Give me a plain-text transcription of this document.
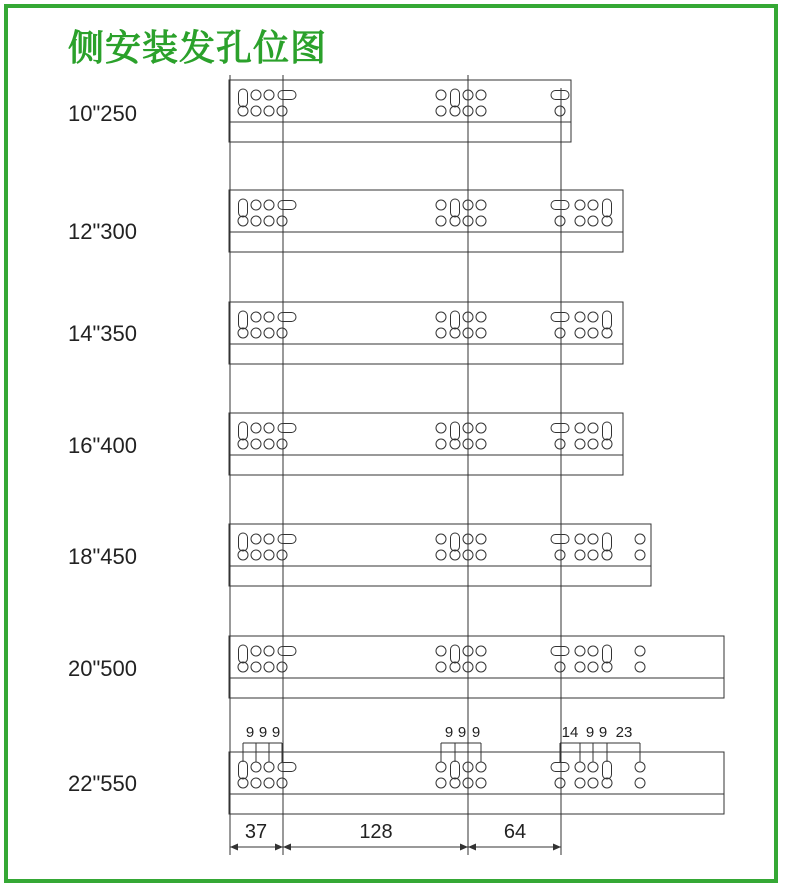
侧安装发孔位图
10"250
12"300
14"350
16"400
18"450
20"500
22"550
9 9 9	9 9 9	14 9 9 23
37	128	64
